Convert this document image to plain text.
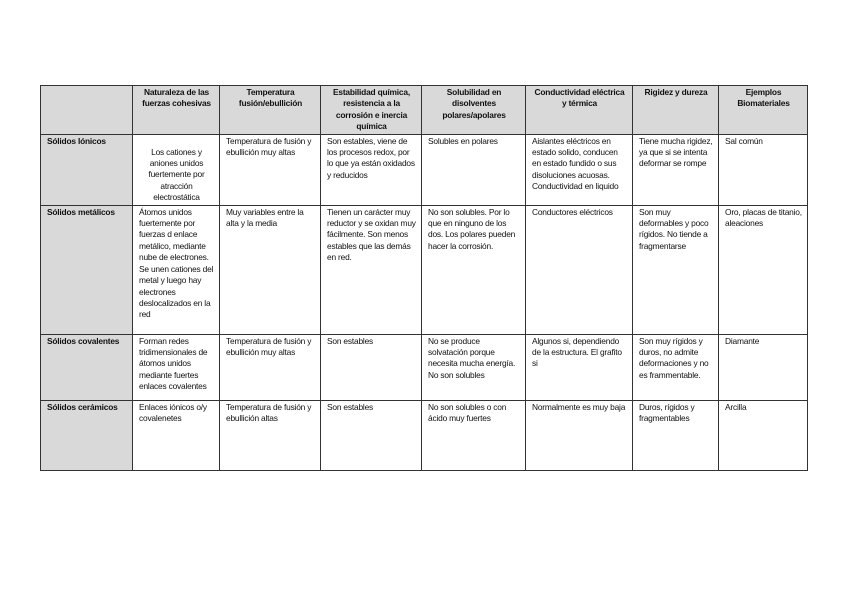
	Naturaleza de las fuerzas cohesivas	Temperatura fusión/ebullición	Estabilidad química, resistencia a la corrosión e inercia química	Solubilidad en disolventes polares/apolares	Conductividad eléctrica y térmica	Rigidez y dureza	Ejemplos Biomateriales
Sólidos Iónicos	Los cationes y aniones unidos fuertemente por atracción electrostática	Temperatura de fusión y ebullición muy altas	Son estables, viene de los procesos redox, por lo que ya están oxidados y reducidos	Solubles en polares	Aislantes eléctricos en estado solido, conducen en estado fundido o sus disoluciones acuosas. Conductividad en liquido	Tiene mucha rigidez, ya que si se intenta deformar se rompe	Sal común
Sólidos metálicos	Átomos unidos fuertemente por fuerzas d enlace metálico, mediante nube de electrones. Se unen cationes del metal y luego hay electrones deslocalizados en la red	Muy variables entre la alta y la media	Tienen un carácter muy reductor y se oxidan muy fácilmente. Son menos estables que las demás en red.	No son solubles. Por lo que en ninguno de los dos. Los polares pueden hacer la corrosión.	Conductores eléctricos	Son muy deformables y poco rígidos. No tiende a fragmentarse	Oro, placas de titanio, aleaciones
Sólidos covalentes	Forman redes tridimensionales de átomos unidos mediante fuertes enlaces covalentes	Temperatura de fusión y ebullición muy altas	Son estables	No se produce solvatación porque necesita mucha energía. No son solubles	Algunos si, dependiendo de la estructura. El grafito si	Son muy rígidos y duros, no admite deformaciones y no es frammentable.	Diamante
Sólidos cerámicos	Enlaces iónicos o/y covalenetes	Temperatura de fusión y ebullición altas	Son estables	No son solubles o con ácido muy fuertes	Normalmente es muy baja	Duros, rígidos y fragmentables	Arcilla
